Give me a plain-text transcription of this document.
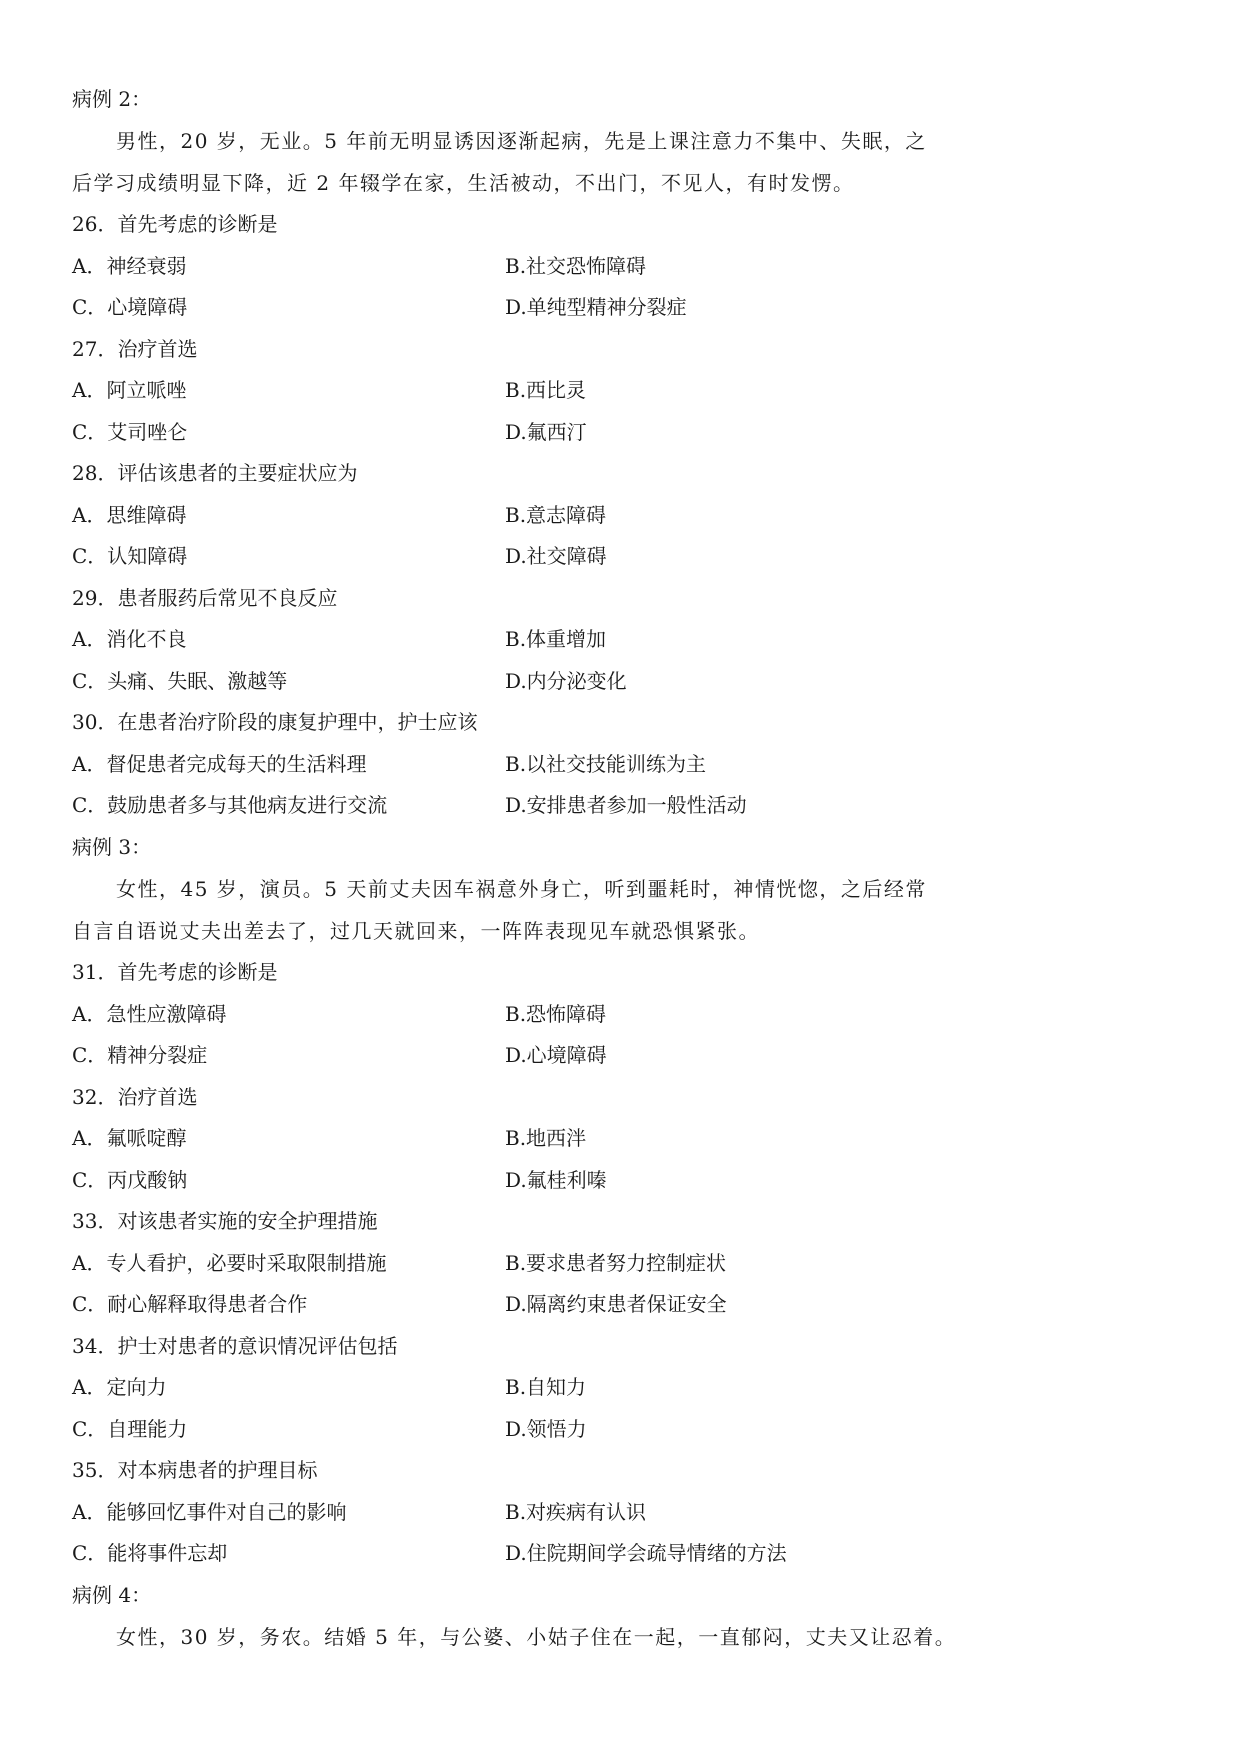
病例 2：
男性，20 岁，无业。5 年前无明显诱因逐渐起病，先是上课注意力不集中、失眠，之
后学习成绩明显下降，近 2 年辍学在家，生活被动，不出门，不见人，有时发愣。
26．首先考虑的诊断是
A．神经衰弱	B.社交恐怖障碍
C．心境障碍	D.单纯型精神分裂症
27．治疗首选
A．阿立哌唑	B.西比灵
C．艾司唑仑	D.氟西汀
28．评估该患者的主要症状应为
A．思维障碍	B.意志障碍
C．认知障碍	D.社交障碍
29．患者服药后常见不良反应
A．消化不良	B.体重增加
C．头痛、失眠、激越等	D.内分泌变化
30．在患者治疗阶段的康复护理中，护士应该
A．督促患者完成每天的生活料理	B.以社交技能训练为主
C．鼓励患者多与其他病友进行交流	D.安排患者参加一般性活动
病例 3：
女性，45 岁，演员。5 天前丈夫因车祸意外身亡，听到噩耗时，神情恍惚，之后经常
自言自语说丈夫出差去了，过几天就回来，一阵阵表现见车就恐惧紧张。
31．首先考虑的诊断是
A．急性应激障碍	B.恐怖障碍
C．精神分裂症	D.心境障碍
32．治疗首选
A．氟哌啶醇	B.地西泮
C．丙戊酸钠	D.氟桂利嗪
33．对该患者实施的安全护理措施
A．专人看护，必要时采取限制措施	B.要求患者努力控制症状
C．耐心解释取得患者合作	D.隔离约束患者保证安全
34．护士对患者的意识情况评估包括
A．定向力	B.自知力
C．自理能力	D.领悟力
35．对本病患者的护理目标
A．能够回忆事件对自己的影响	B.对疾病有认识
C．能将事件忘却	D.住院期间学会疏导情绪的方法
病例 4：
女性，30 岁，务农。结婚 5 年，与公婆、小姑子住在一起，一直郁闷，丈夫又让忍着。
